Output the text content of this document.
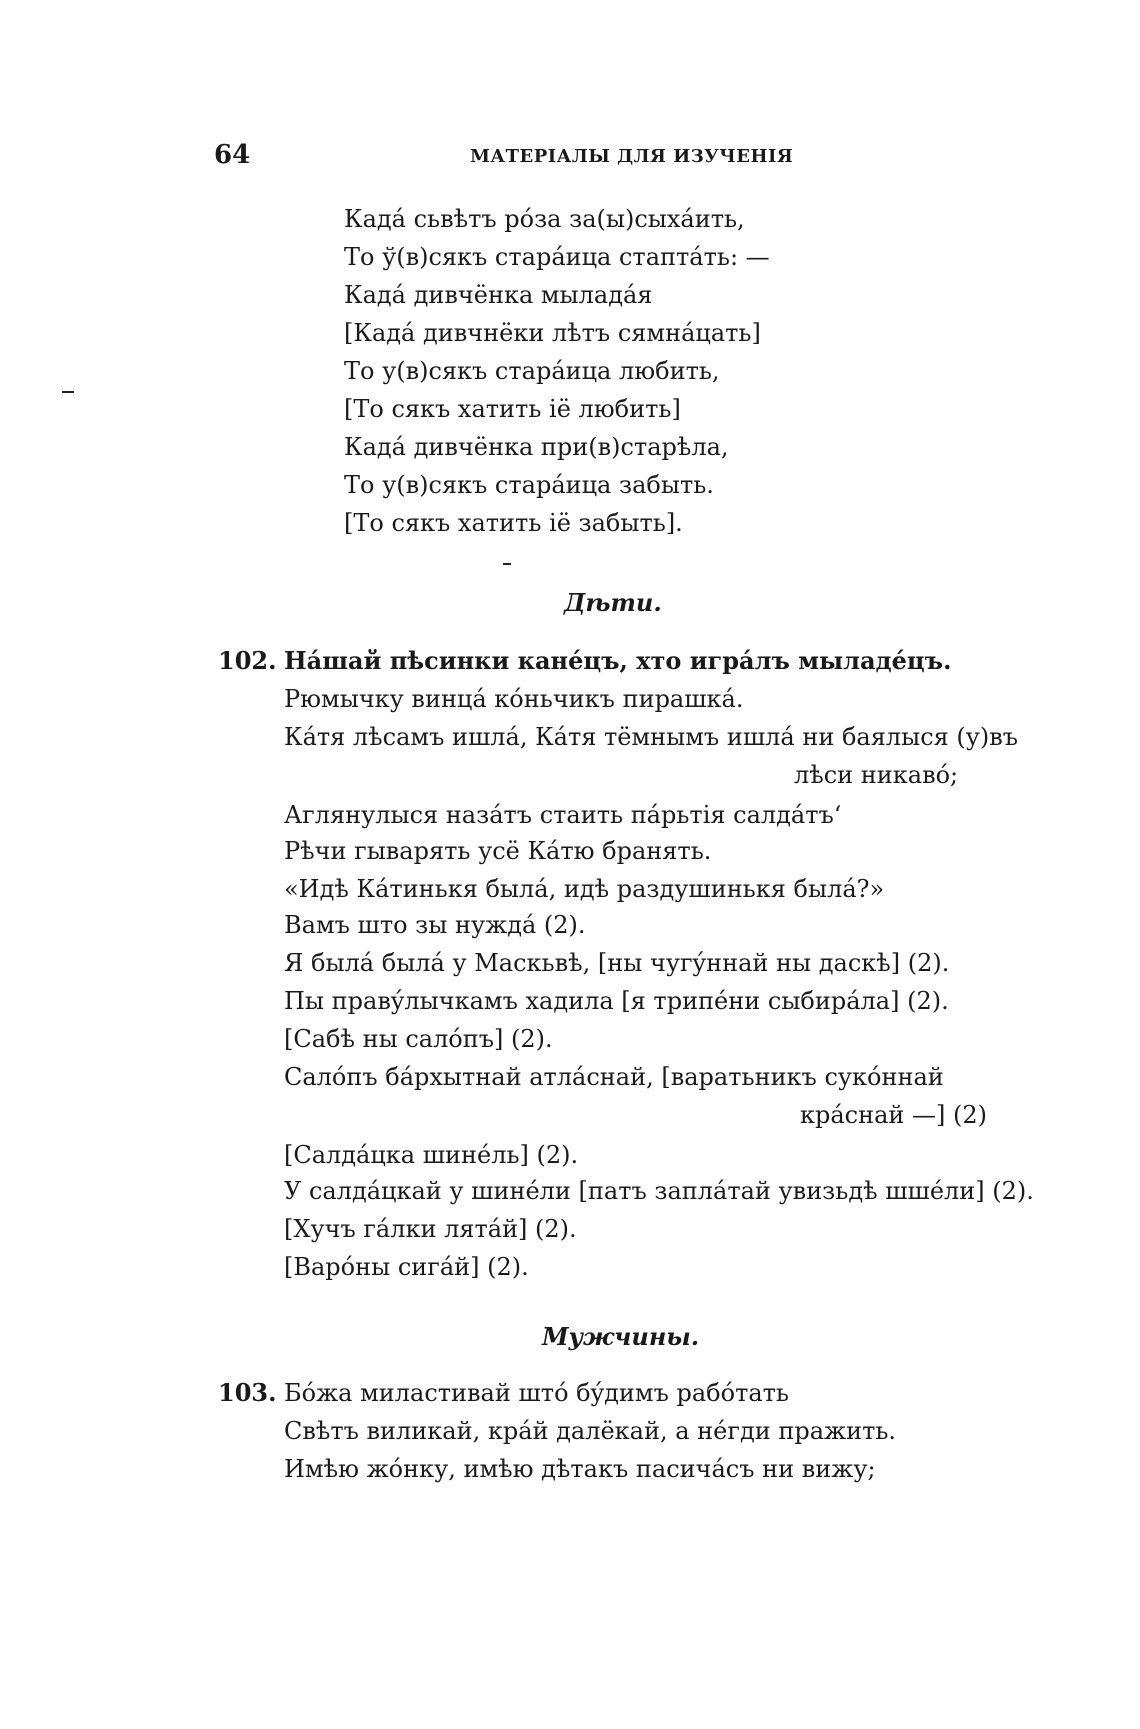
64	МАТЕРІАЛЫ ДЛЯ ИЗУЧЕНІЯ
Кадá сьвѣтъ рóза за(ы)сыхáить,
То ў(в)сякъ старáица стаптáть: —
Кадá дивчёнка мыладáя
[Кадá дивчнёки лѣтъ сямнáцать]
То у(в)сякъ старáица любить,
[То сякъ хатить іё любить]
Кадá дивчёнка при(в)старѣла,
То у(в)сякъ старáица забыть.
[То сякъ хатить іё забыть].
Дѣти.
102. Нáшай пѣсинки канéцъ, хто игрáлъ мыладéцъ.
Рюмычку винцá кóньчикъ пирашкá.
Кáтя лѣсамъ ишлá, Кáтя тёмнымъ ишлá ни баялыся (у)въ
лѣси никавó;
Аглянулыся назáтъ стаить пáрьтія салдáтъ‘
Рѣчи гыварять усё Кáтю бранять.
«Идѣ Кáтинькя былá, идѣ раздушинькя былá?»
Вамъ што зы нуждá (2).
Я былá былá у Маскьвѣ, [ны чугýннай ны даскѣ] (2).
Пы правýлычкамъ хадила [я трипéни сыбирáла] (2).
[Сабѣ ны салóпъ] (2).
Салóпъ бáрхытнай атлáснай, [варатьникъ сукóннай
крáснай —] (2)
[Салдáцка шинéль] (2).
У салдáцкай у шинéли [патъ заплáтай увизьдѣ шшéли] (2).
[Хучъ гáлки лятáй] (2).
[Варóны сигáй] (2).
Мужчины.
103. Бóжа миластивай штó бýдимъ рабóтать
Свѣтъ виликай, крáй далёкай, а нéгди пражить.
Имѣю жóнку, имѣю дѣтакъ пасичáсъ ни вижу;
